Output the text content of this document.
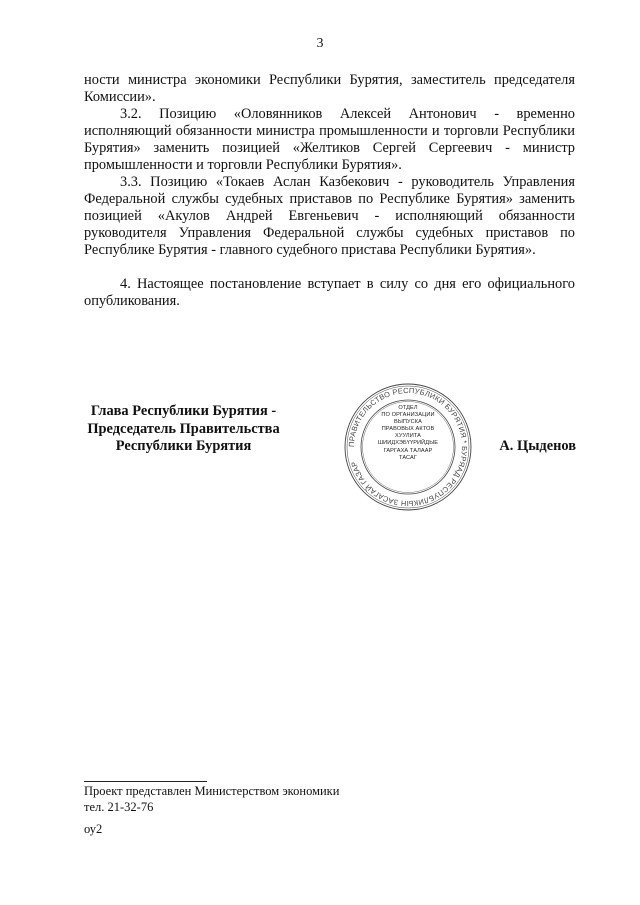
3

ности министра экономики Республики Бурятия, заместитель председателя Комиссии».

3.2. Позицию «Оловянников Алексей Антонович - временно исполняющий обязанности министра промышленности и торговли Республики Бурятия» заменить позицией «Желтиков Сергей Сергеевич - министр промышленности и торговли Республики Бурятия».

3.3. Позицию «Токаев Аслан Казбекович - руководитель Управления Федеральной службы судебных приставов по Республике Бурятия» заменить позицией «Акулов Андрей Евгеньевич - исполняющий обязанности руководителя Управления Федеральной службы судебных приставов по Республике Бурятия - главного судебного пристава Республики Бурятия».

4. Настоящее постановление вступает в силу со дня его официального опубликования.

Глава Республики Бурятия -
Председатель Правительства
Республики Бурятия	ПРАВИТЕЛЬСТВО РЕСПУБЛИКИ БУРЯТИЯ * БУРЯАД РЕСПУБЛИКЫН ЗАСАГАЙ ГАЗАР
ОТДЕЛ
ПО ОРГАНИЗАЦИИ
ВЫПУСКА
ПРАВОВЫХ АКТОВ
ХУУЛИТА
ШИИДХЭБҮҮРИЙДЫЕ
ГАРГАХА ТАЛААР
ТАСАГ
А. Цыденов
Проект представлен Министерством экономики
тел. 21-32-76
оу2
